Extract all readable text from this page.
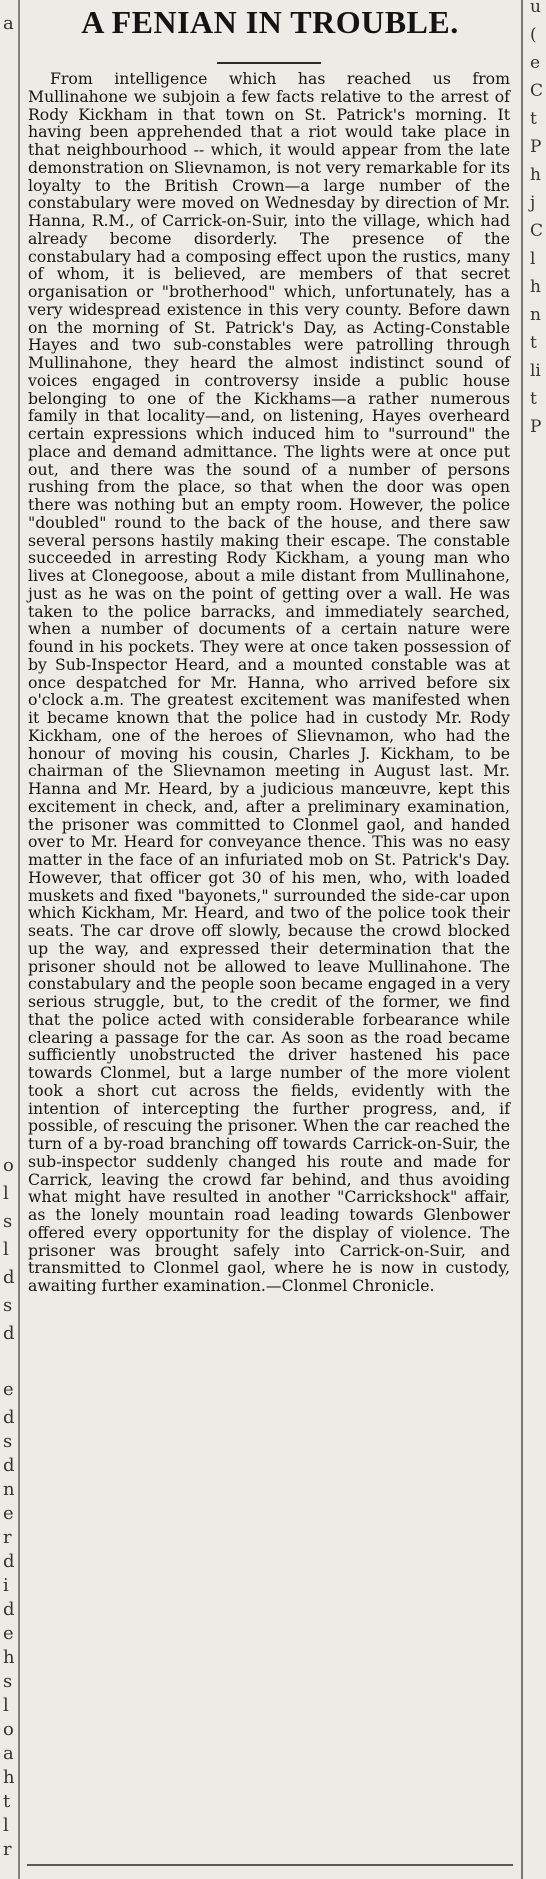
e
d
s
d
n
e
r
d
i
d
e
h
s
l
o
a
h
t
l
r
a
o
l
s
l
d
s
d
u
(
e
C
t
P
h
j
C
l
h
n
t
li
t
P
A FENIAN IN TROUBLE.
From intelligence which has reached us from Mullinahone we subjoin a few facts relative to the arrest of Rody Kickham in that town on St. Patrick's morning. It having been apprehended that a riot would take place in that neighbourhood -- which, it would appear from the late demonstration on Slievnamon, is not very remarkable for its loyalty to the British Crown—a large number of the constabulary were moved on Wednesday by direction of Mr. Hanna, R.M., of Carrick-on-Suir, into the village, which had already become disorderly. The presence of the constabulary had a composing effect upon the rustics, many of whom, it is believed, are members of that secret organisation or "brotherhood" which, unfortunately, has a very widespread existence in this very county. Before dawn on the morning of St. Patrick's Day, as Acting-Constable Hayes and two sub-constables were patrolling through Mullinahone, they heard the almost indistinct sound of voices engaged in controversy inside a public house belonging to one of the Kickhams—a rather numerous family in that locality—and, on listening, Hayes overheard certain expressions which induced him to "surround" the place and demand admittance. The lights were at once put out, and there was the sound of a number of persons rushing from the place, so that when the door was open there was nothing but an empty room. However, the police "doubled" round to the back of the house, and there saw several persons hastily making their escape. The constable succeeded in arresting Rody Kickham, a young man who lives at Clonegoose, about a mile distant from Mullinahone, just as he was on the point of getting over a wall. He was taken to the police barracks, and immediately searched, when a number of documents of a certain nature were found in his pockets. They were at once taken possession of by Sub-Inspector Heard, and a mounted constable was at once despatched for Mr. Hanna, who arrived before six o'clock a.m. The greatest excitement was manifested when it became known that the police had in custody Mr. Rody Kickham, one of the heroes of Slievnamon, who had the honour of moving his cousin, Charles J. Kickham, to be chairman of the Slievnamon meeting in August last. Mr. Hanna and Mr. Heard, by a judicious manœuvre, kept this excitement in check, and, after a preliminary examination, the prisoner was committed to Clonmel gaol, and handed over to Mr. Heard for conveyance thence. This was no easy matter in the face of an infuriated mob on St. Patrick's Day. However, that officer got 30 of his men, who, with loaded muskets and fixed "bayonets," surrounded the side-car upon which Kickham, Mr. Heard, and two of the police took their seats. The car drove off slowly, because the crowd blocked up the way, and expressed their determination that the prisoner should not be allowed to leave Mullinahone. The constabulary and the people soon became engaged in a very serious struggle, but, to the credit of the former, we find that the police acted with considerable forbearance while clearing a passage for the car. As soon as the road became sufficiently unobstructed the driver hastened his pace towards Clonmel, but a large number of the more violent took a short cut across the fields, evidently with the intention of intercepting the further progress, and, if possible, of rescuing the prisoner. When the car reached the turn of a by-road branching off towards Carrick-on-Suir, the sub-inspector suddenly changed his route and made for Carrick, leaving the crowd far behind, and thus avoiding what might have resulted in another "Carrickshock" affair, as the lonely mountain road leading towards Glenbower offered every opportunity for the display of violence. The prisoner was brought safely into Carrick-on-Suir, and transmitted to Clonmel gaol, where he is now in custody, awaiting further examination.—Clonmel Chronicle.
